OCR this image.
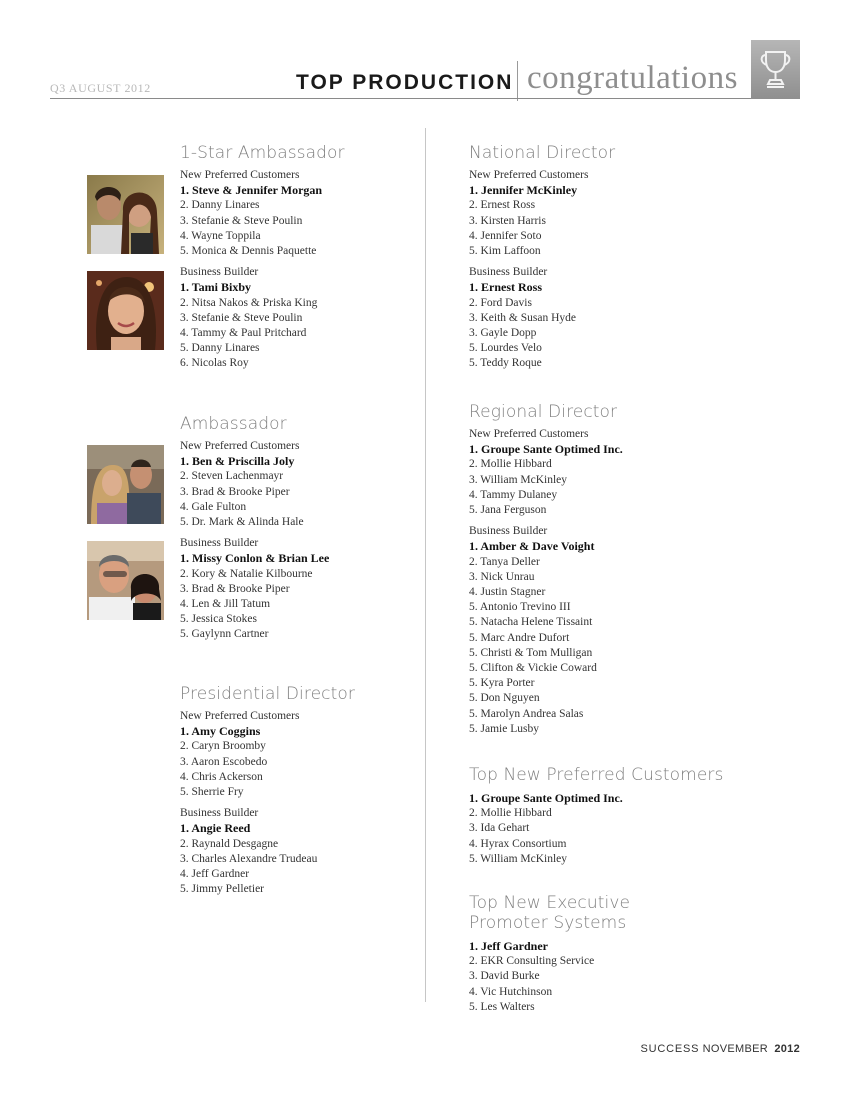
Q3 AUGUST 2012	TOP PRODUCTION congratulations
1-Star Ambassador
New Preferred Customers
1. Steve & Jennifer Morgan
2. Danny Linares
3. Stefanie & Steve Poulin
4. Wayne Toppila
5. Monica & Dennis Paquette
Business Builder
1. Tami Bixby
2. Nitsa Nakos & Priska King
3. Stefanie & Steve Poulin
4. Tammy & Paul Pritchard
5. Danny Linares
6. Nicolas Roy
Ambassador
New Preferred Customers
1. Ben & Priscilla Joly
2. Steven Lachenmayr
3. Brad & Brooke Piper
4. Gale Fulton
5. Dr. Mark & Alinda Hale
Business Builder
1. Missy Conlon & Brian Lee
2. Kory & Natalie Kilbourne
3. Brad & Brooke Piper
4. Len & Jill Tatum
5. Jessica Stokes
5. Gaylynn Cartner
Presidential Director
New Preferred Customers
1. Amy Coggins
2. Caryn Broomby
3. Aaron Escobedo
4. Chris Ackerson
5. Sherrie Fry
Business Builder
1. Angie Reed
2. Raynald Desgagne
3. Charles Alexandre Trudeau
4. Jeff Gardner
5. Jimmy Pelletier
National Director
New Preferred Customers
1. Jennifer McKinley
2. Ernest Ross
3. Kirsten Harris
4. Jennifer Soto
5. Kim Laffoon
Business Builder
1. Ernest Ross
2. Ford Davis
3. Keith & Susan Hyde
3. Gayle Dopp
5. Lourdes Velo
5. Teddy Roque
Regional Director
New Preferred Customers
1. Groupe Sante Optimed Inc.
2. Mollie Hibbard
3. William McKinley
4. Tammy Dulaney
5. Jana Ferguson
Business Builder
1. Amber & Dave Voight
2. Tanya Deller
3. Nick Unrau
4. Justin Stagner
5. Antonio Trevino III
5. Natacha Helene Tissaint
5. Marc Andre Dufort
5. Christi & Tom Mulligan
5. Clifton & Vickie Coward
5. Kyra Porter
5. Don Nguyen
5. Marolyn Andrea Salas
5. Jamie Lusby
Top New Preferred Customers
1. Groupe Sante Optimed Inc.
2. Mollie Hibbard
3. Ida Gehart
4. Hyrax Consortium
5. William McKinley
Top New Executive
Promoter Systems
1. Jeff Gardner
2. EKR Consulting Service
3. David Burke
4. Vic Hutchinson
5. Les Walters
SUCCESS NOVEMBER 2012
